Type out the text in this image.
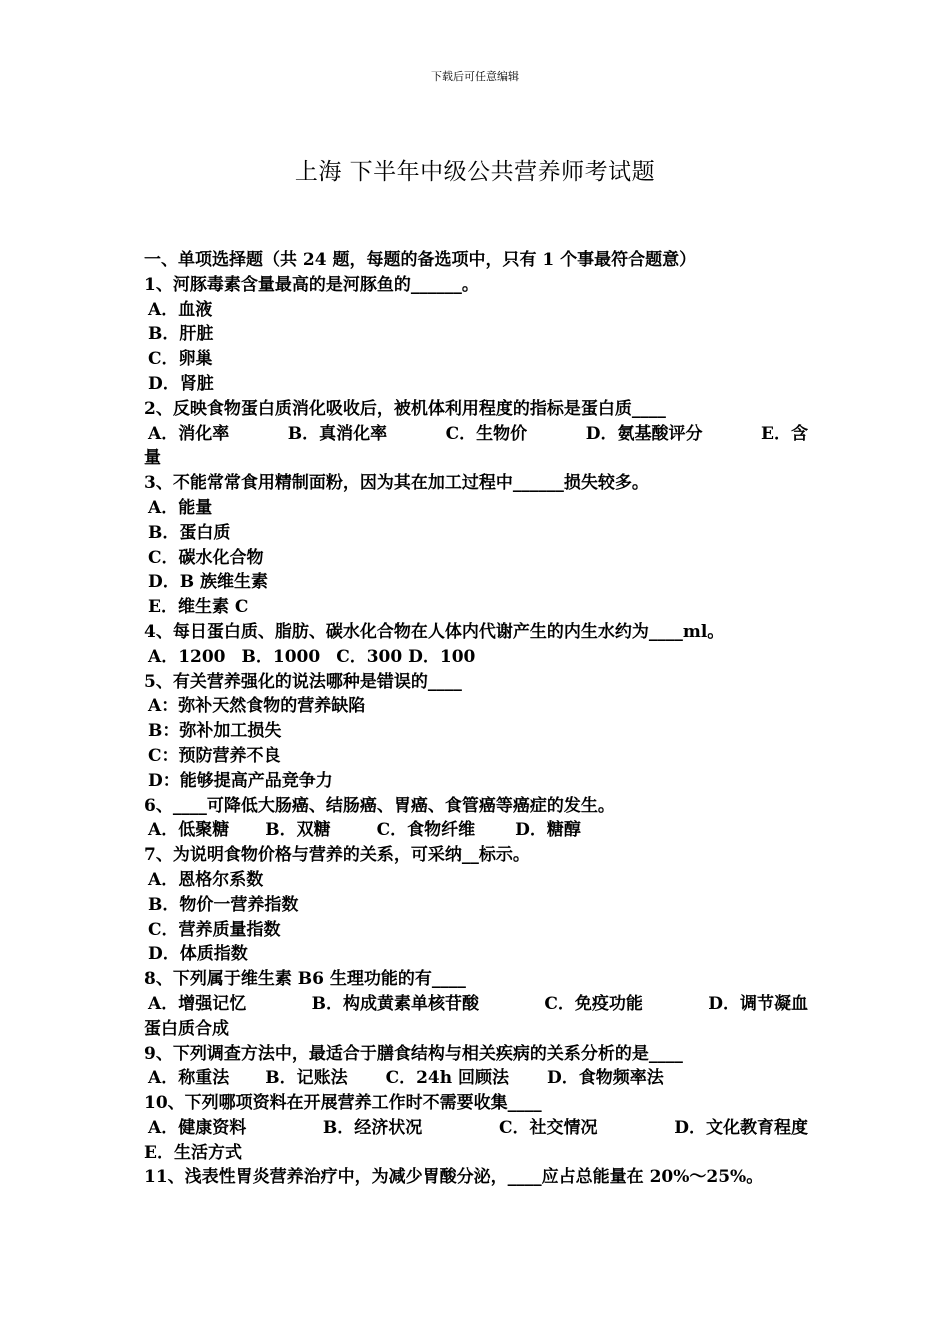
下载后可任意编辑
上海 下半年中级公共营养师考试题
一、单项选择题（共 24 题，每题的备选项中，只有 1 个事最符合题意）
1、河豚毒素含量最高的是河豚鱼的______。
A．血液
B．肝脏
C．卵巢
D．肾脏
2、反映食物蛋白质消化吸收后，被机体利用程度的指标是蛋白质____
A．消化率	B．真消化率	C．生物价	D．氨基酸评分	E．含
量
3、不能常常食用精制面粉，因为其在加工过程中______损失较多。
A．能量
B．蛋白质
C．碳水化合物
D．B 族维生素
E．维生素 C
4、每日蛋白质、脂肪、碳水化合物在人体内代谢产生的内生水约为____ml。
A．1200 B．1000 C．300 D．100
5、有关营养强化的说法哪种是错误的____
A：弥补天然食物的营养缺陷
B：弥补加工损失
C：预防营养不良
D：能够提高产品竞争力
6、____可降低大肠癌、结肠癌、胃癌、食管癌等癌症的发生。
A．低聚糖 B．双糖	C．食物纤维 D．糖醇
7、为说明食物价格与营养的关系，可采纳__标示。
A．恩格尔系数
B．物价一营养指数
C．营养质量指数
D．体质指数
8、下列属于维生素 B6 生理功能的有____
A．增强记忆	B．构成黄素单核苷酸	C．免疫功能	D．调节凝血
蛋白质合成
9、下列调查方法中，最适合于膳食结构与相关疾病的关系分析的是____
A．称重法 B．记账法 C．24h 回顾法 D．食物频率法
10、下列哪项资料在开展营养工作时不需要收集____
A．健康资料	B．经济状况	C．社交情况	D．文化教育程度
E．生活方式
11、浅表性胃炎营养治疗中，为减少胃酸分泌，____应占总能量在 20%～25%。
